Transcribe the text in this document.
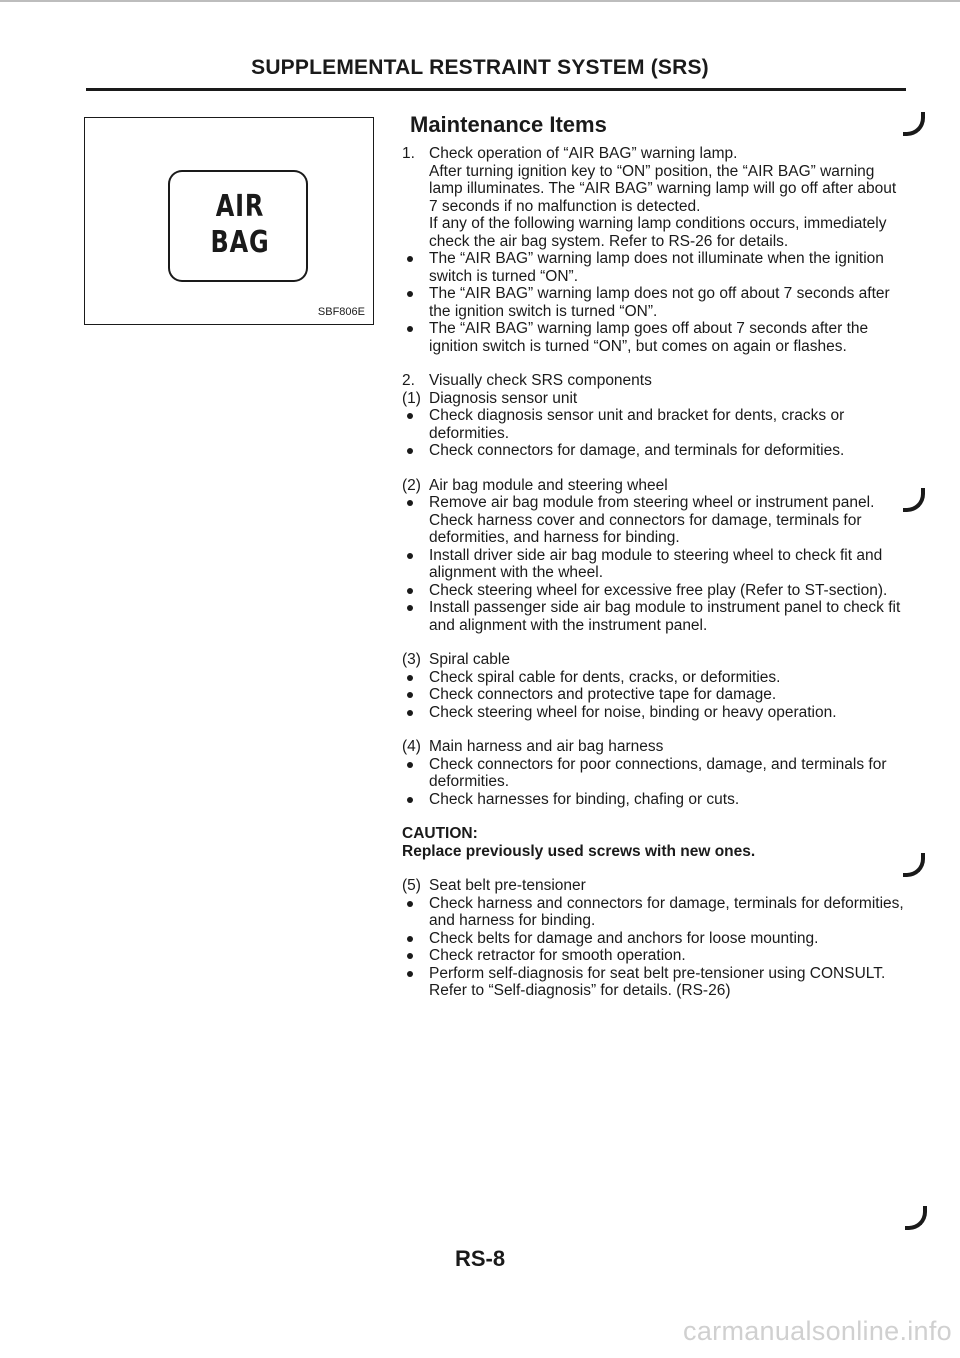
SUPPLEMENTAL RESTRAINT SYSTEM (SRS)
AIR
BAG
SBF806E
Maintenance Items
1. Check operation of “AIR BAG” warning lamp.
After turning ignition key to “ON” position, the “AIR BAG” warning lamp illuminates. The “AIR BAG” warning lamp will go off after about 7 seconds if no malfunction is detected.
If any of the following warning lamp conditions occurs, immediately check the air bag system. Refer to RS-26 for details.

The “AIR BAG” warning lamp does not illuminate when the ignition switch is turned “ON”.

The “AIR BAG” warning lamp does not go off about 7 seconds after the ignition switch is turned “ON”.

The “AIR BAG” warning lamp goes off about 7 seconds after the ignition switch is turned “ON”, but comes on again or flashes.

2. Visually check SRS components

(1) Diagnosis sensor unit

Check diagnosis sensor unit and bracket for dents, cracks or deformities.

Check connectors for damage, and terminals for deformities.

(2) Air bag module and steering wheel

Remove air bag module from steering wheel or instrument panel. Check harness cover and connectors for damage, terminals for deformities, and harness for binding.

Install driver side air bag module to steering wheel to check fit and alignment with the wheel.

Check steering wheel for excessive free play (Refer to ST-section).

Install passenger side air bag module to instrument panel to check fit and alignment with the instrument panel.

(3) Spiral cable

Check spiral cable for dents, cracks, or deformities.

Check connectors and protective tape for damage.

Check steering wheel for noise, binding or heavy operation.

(4) Main harness and air bag harness

Check connectors for poor connections, damage, and terminals for deformities.

Check harnesses for binding, chafing or cuts.

CAUTION:

Replace previously used screws with new ones.

(5) Seat belt pre-tensioner

Check harness and connectors for damage, terminals for deformities, and harness for binding.

Check belts for damage and anchors for loose mounting.

Check retractor for smooth operation.

Perform self-diagnosis for seat belt pre-tensioner using CONSULT. Refer to “Self-diagnosis” for details. (RS-26)

RS-8
carmanualsonline.info
